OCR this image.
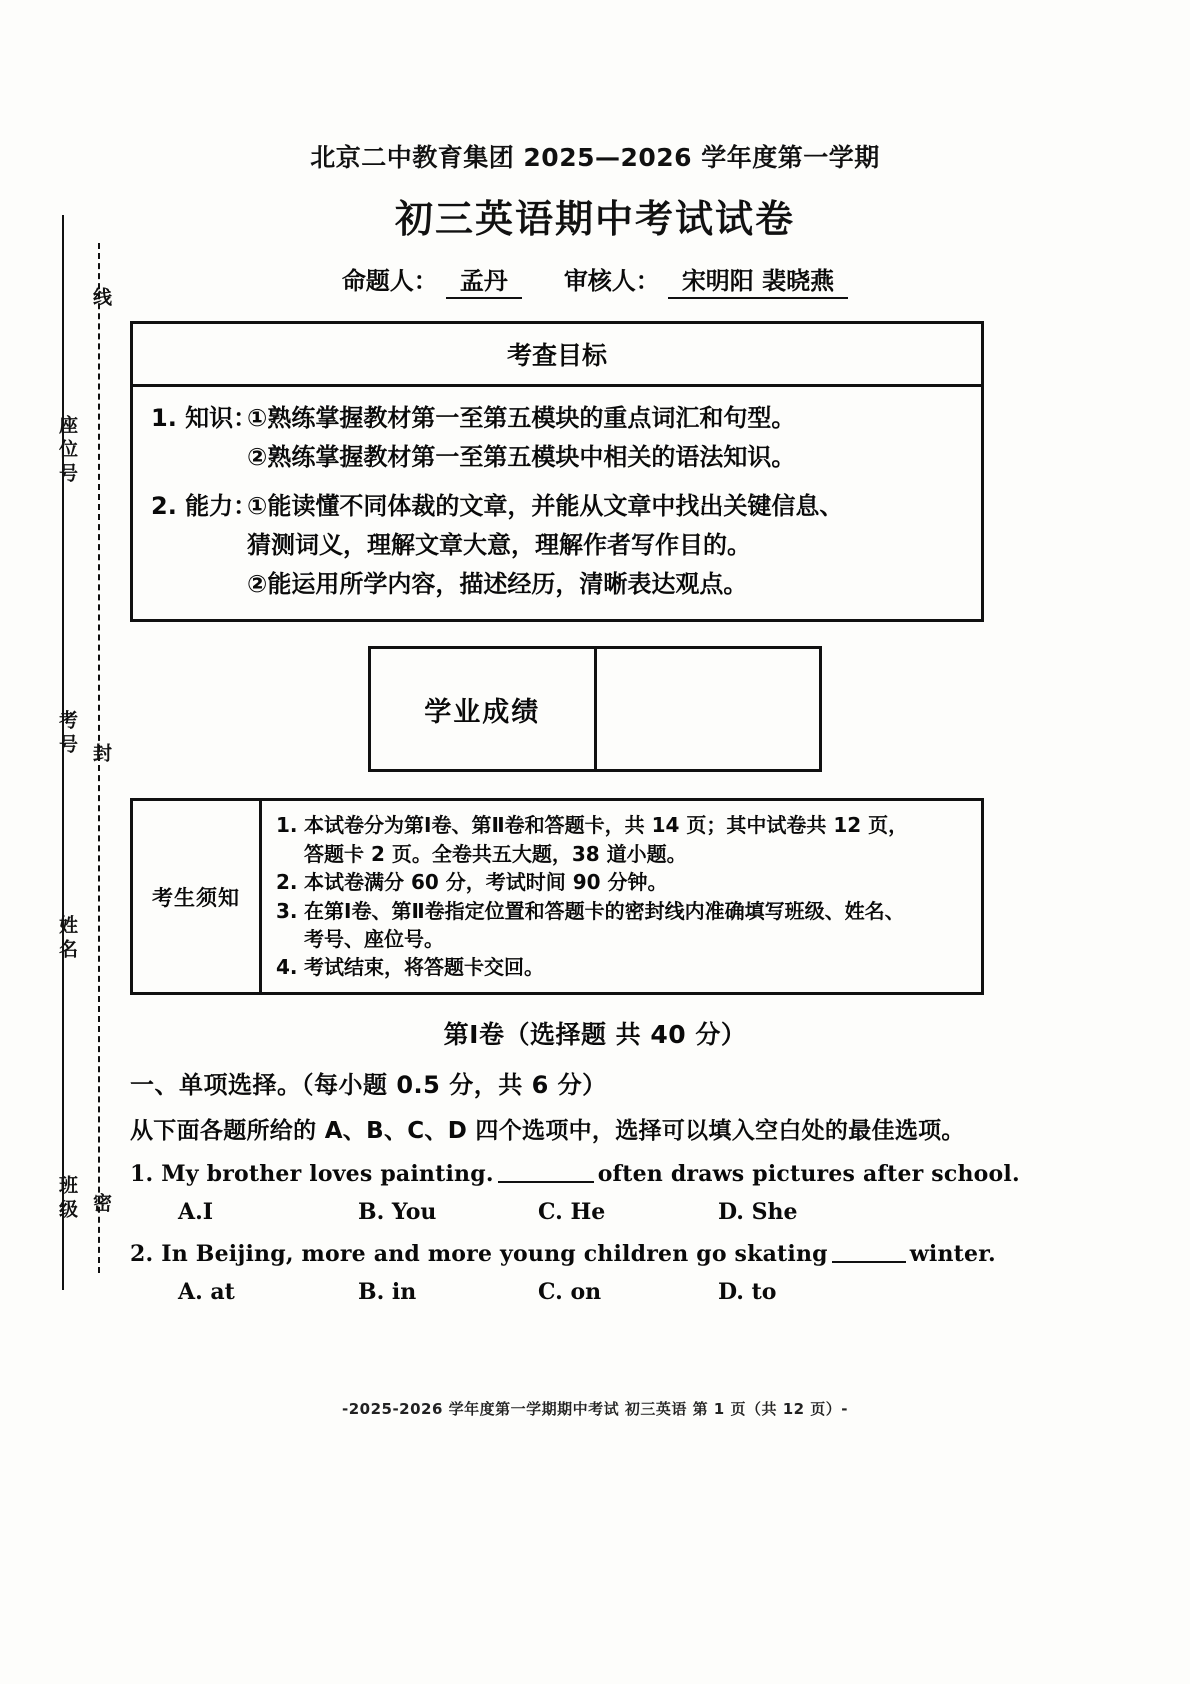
线
座位号
考号 封
姓名
班级 密
北京二中教育集团 2025—2026 学年度第一学期
初三英语期中考试试卷
命题人： 孟丹	审核人： 宋明阳 裴晓燕
考查目标
1. 知识：
①熟练掌握教材第一至第五模块的重点词汇和句型。
②熟练掌握教材第一至第五模块中相关的语法知识。
2. 能力：
①能读懂不同体裁的文章，并能从文章中找出关键信息、
猜测词义，理解文章大意，理解作者写作目的。
②能运用所学内容，描述经历，清晰表达观点。
学业成绩
考生须知
1. 本试卷分为第Ⅰ卷、第Ⅱ卷和答题卡，共 14 页；其中试卷共 12 页，
答题卡 2 页。全卷共五大题，38 道小题。
2. 本试卷满分 60 分，考试时间 90 分钟。
3. 在第Ⅰ卷、第Ⅱ卷指定位置和答题卡的密封线内准确填写班级、姓名、
考号、座位号。
4. 考试结束，将答题卡交回。
第Ⅰ卷（选择题 共 40 分）
一、单项选择。（每小题 0.5 分，共 6 分）
从下面各题所给的 A、B、C、D 四个选项中，选择可以填入空白处的最佳选项。
1. My brother loves painting.	often draws pictures after school.
A.I	B. You	C. He	D. She
2. In Beijing, more and more young children go skating	winter.
A. at	B. in	C. on	D. to
-2025-2026 学年度第一学期期中考试 初三英语 第 1 页（共 12 页）-
